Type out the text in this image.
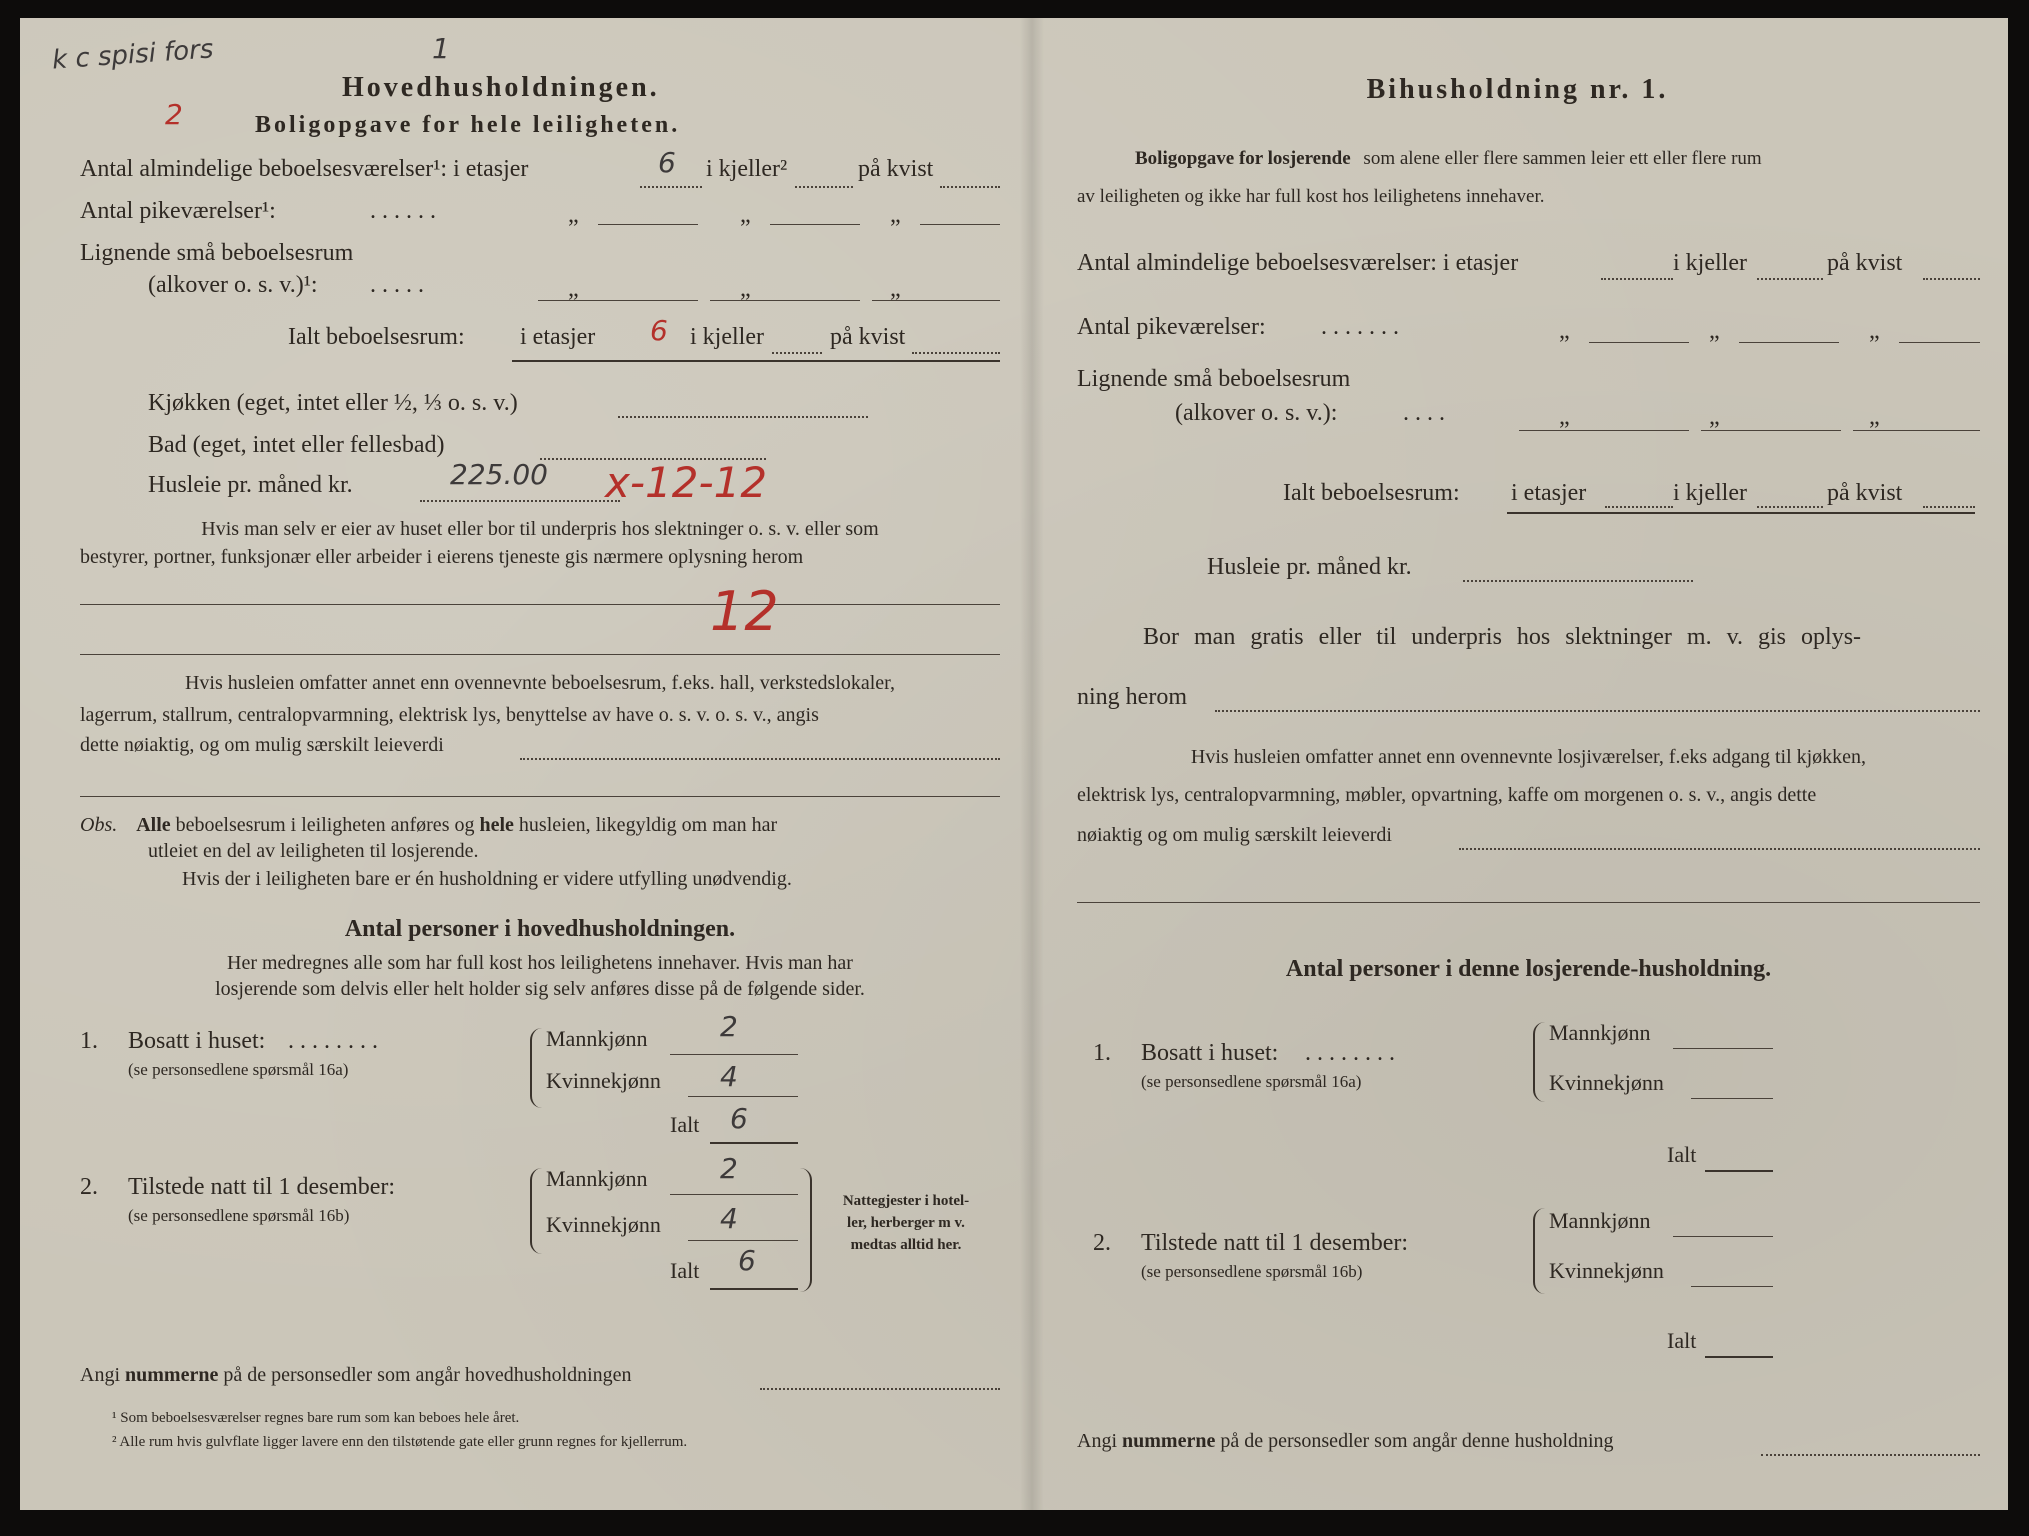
k c spisi fors	1
2
Hovedhusholdningen.
Boligopgave for hele leiligheten.
Antal almindelige beboelsesværelser¹: i etasjer	6 i kjeller²	på kvist
Antal pikeværelser¹:	. . . . . .	„	„	„
Lignende små beboelsesrum
(alkover o. s. v.)¹: . . . . .	„	„	„
Ialt beboelsesrum: i etasjer 6 i kjeller	på kvist
Kjøkken (eget, intet eller ½, ⅓ o. s. v.)
Bad (eget, intet eller fellesbad)
Husleie pr. måned kr.	225.00 x-12-12
Hvis man selv er eier av huset eller bor til underpris hos slektninger o. s. v. eller som
bestyrer, portner, funksjonær eller arbeider i eierens tjeneste gis nærmere oplysning herom
12
Hvis husleien omfatter annet enn ovennevnte beboelsesrum, f.eks. hall, verkstedslokaler,
lagerrum, stallrum, centralopvarmning, elektrisk lys, benyttelse av have o. s. v. o. s. v., angis
dette nøiaktig, og om mulig særskilt leieverdi
Obs. Alle beboelsesrum i leiligheten anføres og hele husleien, likegyldig om man har
utleiet en del av leiligheten til losjerende.
Hvis der i leiligheten bare er én husholdning er videre utfylling unødvendig.
Antal personer i hovedhusholdningen.
Her medregnes alle som har full kost hos leilighetens innehaver. Hvis man har
losjerende som delvis eller helt holder sig selv anføres disse på de følgende sider.
1. Bosatt i huset: . . . . . . . .
(se personsedlene spørsmål 16a)
Mannkjønn	2
Kvinnekjønn 4
Ialt 6
2. Tilstede natt til 1 desember:
(se personsedlene spørsmål 16b)
Mannkjønn	2
Kvinnekjønn 4
Ialt 6
Nattegjester i hotel-
ler, herberger m v.
medtas alltid her.
Angi nummerne på de personsedler som angår hovedhusholdningen
¹ Som beboelsesværelser regnes bare rum som kan beboes hele året.
² Alle rum hvis gulvflate ligger lavere enn den tilstøtende gate eller grunn regnes for kjellerrum.
Bihusholdning nr. 1.
Boligopgave for losjerende som alene eller flere sammen leier ett eller flere rum
av leiligheten og ikke har full kost hos leilighetens innehaver.
Antal almindelige beboelsesværelser: i etasjer	i kjeller	på kvist
Antal pikeværelser: . . . . . . .	„	„	„
Lignende små beboelsesrum
(alkover o. s. v.):	. . . .	„	„	„
Ialt beboelsesrum: i etasjer	i kjeller	på kvist
Husleie pr. måned kr.
Bor man gratis eller til underpris hos slektninger m. v. gis oplys-
ning herom
Hvis husleien omfatter annet enn ovennevnte losjiværelser, f.eks adgang til kjøkken,
elektrisk lys, centralopvarmning, møbler, opvartning, kaffe om morgenen o. s. v., angis dette
nøiaktig og om mulig særskilt leieverdi
Antal personer i denne losjerende-husholdning.
1. Bosatt i huset: . . . . . . . .
(se personsedlene spørsmål 16a)
Mannkjønn
Kvinnekjønn
Ialt
2. Tilstede natt til 1 desember:
(se personsedlene spørsmål 16b)
Mannkjønn
Kvinnekjønn
Ialt
Angi nummerne på de personsedler som angår denne husholdning
